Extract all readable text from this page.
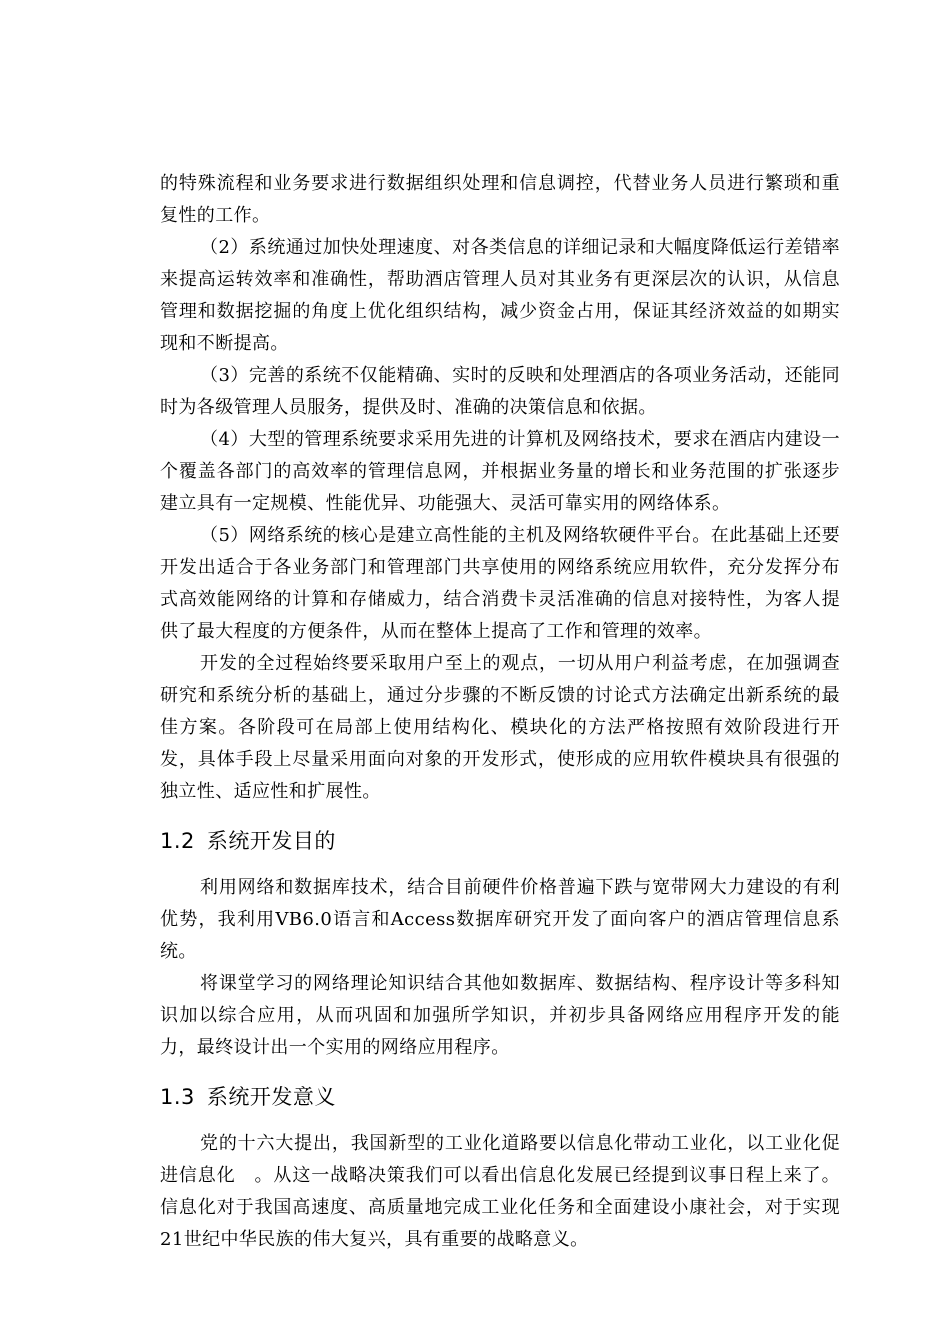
的特殊流程和业务要求进行数据组织处理和信息调控，代替业务人员进行繁琐和重复性的工作。

（2）系统通过加快处理速度、对各类信息的详细记录和大幅度降低运行差错率来提高运转效率和准确性，帮助酒店管理人员对其业务有更深层次的认识，从信息管理和数据挖掘的角度上优化组织结构，减少资金占用，保证其经济效益的如期实现和不断提高。

（3）完善的系统不仅能精确、实时的反映和处理酒店的各项业务活动，还能同时为各级管理人员服务，提供及时、准确的决策信息和依据。

（4）大型的管理系统要求采用先进的计算机及网络技术，要求在酒店内建设一个覆盖各部门的高效率的管理信息网，并根据业务量的增长和业务范围的扩张逐步建立具有一定规模、性能优异、功能强大、灵活可靠实用的网络体系。

（5）网络系统的核心是建立高性能的主机及网络软硬件平台。在此基础上还要开发出适合于各业务部门和管理部门共享使用的网络系统应用软件，充分发挥分布式高效能网络的计算和存储威力，结合消费卡灵活准确的信息对接特性，为客人提供了最大程度的方便条件，从而在整体上提高了工作和管理的效率。

开发的全过程始终要采取用户至上的观点，一切从用户利益考虑，在加强调查研究和系统分析的基础上，通过分步骤的不断反馈的讨论式方法确定出新系统的最佳方案。各阶段可在局部上使用结构化、模块化的方法严格按照有效阶段进行开发，具体手段上尽量采用面向对象的开发形式，使形成的应用软件模块具有很强的独立性、适应性和扩展性。

1.2 系统开发目的

利用网络和数据库技术，结合目前硬件价格普遍下跌与宽带网大力建设的有利优势，我利用VB6.0语言和Access数据库研究开发了面向客户的酒店管理信息系统。

将课堂学习的网络理论知识结合其他如数据库、数据结构、程序设计等多科知识加以综合应用，从而巩固和加强所学知识，并初步具备网络应用程序开发的能力，最终设计出一个实用的网络应用程序。

1.3 系统开发意义

党的十六大提出，我国新型的工业化道路要以信息化带动工业化，以工业化促进信息化　。从这一战略决策我们可以看出信息化发展已经提到议事日程上来了。信息化对于我国高速度、高质量地完成工业化任务和全面建设小康社会，对于实现　21世纪中华民族的伟大复兴，具有重要的战略意义。
